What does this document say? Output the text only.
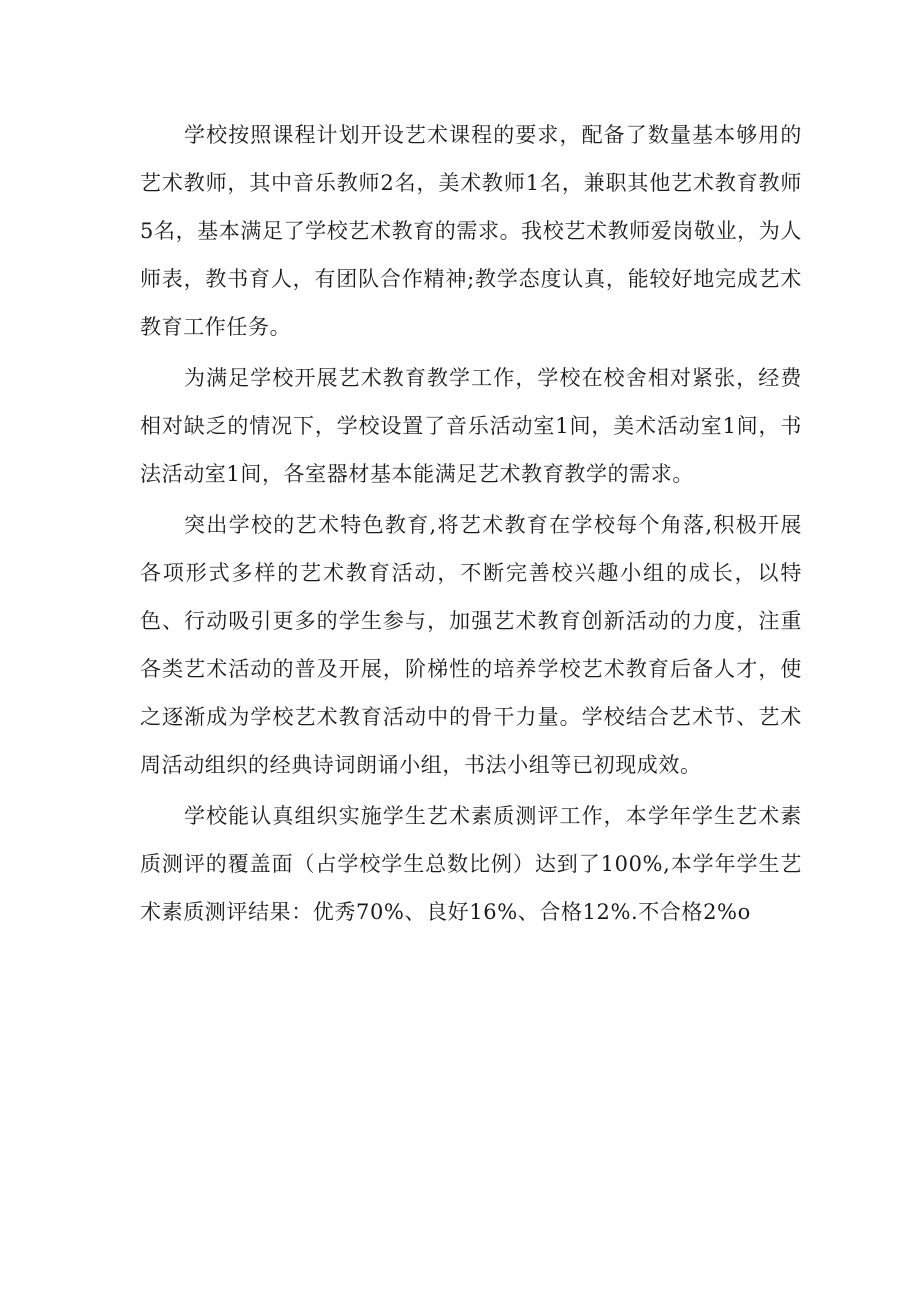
学校按照课程计划开设艺术课程的要求，配备了数量基本够用的艺术教师，其中音乐教师2名，美术教师1名，兼职其他艺术教育教师5名，基本满足了学校艺术教育的需求。我校艺术教师爱岗敬业，为人师表，教书育人，有团队合作精神;教学态度认真，能较好地完成艺术教育工作任务。

为满足学校开展艺术教育教学工作，学校在校舍相对紧张，经费相对缺乏的情况下，学校设置了音乐活动室1间，美术活动室1间，书法活动室1间，各室器材基本能满足艺术教育教学的需求。

突出学校的艺术特色教育,将艺术教育在学校每个角落,积极开展各项形式多样的艺术教育活动，不断完善校兴趣小组的成长，以特色、行动吸引更多的学生参与，加强艺术教育创新活动的力度，注重各类艺术活动的普及开展，阶梯性的培养学校艺术教育后备人才，使之逐渐成为学校艺术教育活动中的骨干力量。学校结合艺术节、艺术周活动组织的经典诗词朗诵小组，书法小组等已初现成效。

学校能认真组织实施学生艺术素质测评工作，本学年学生艺术素质测评的覆盖面（占学校学生总数比例）达到了100%,本学年学生艺术素质测评结果：优秀70%、良好16%、合格12%.不合格2%o
